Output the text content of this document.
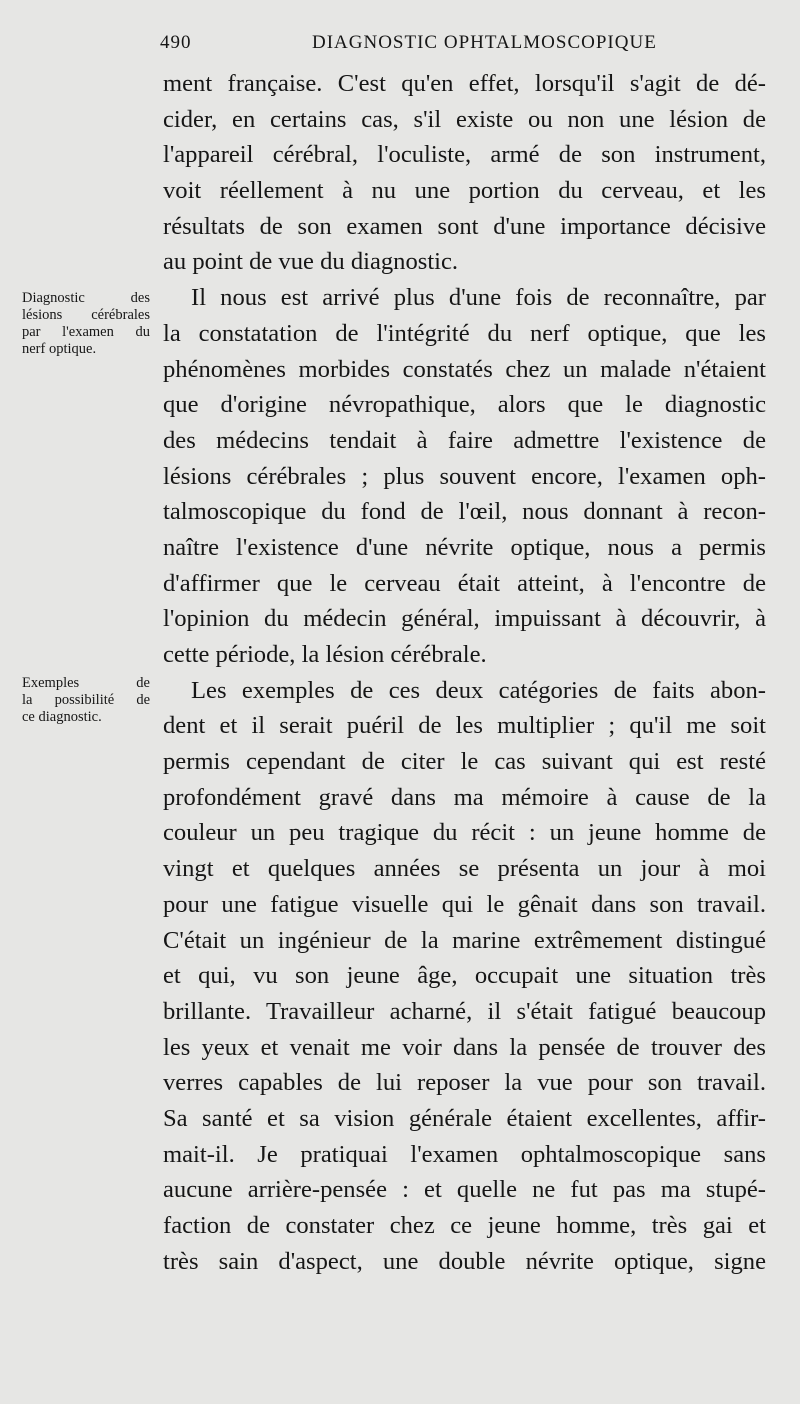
490	DIAGNOSTIC OPHTALMOSCOPIQUE
Diagnostic des
lésions cérébrales
par l'examen du
nerf optique.
Exemples de
la possibilité de
ce diagnostic.
ment française. C'est qu'en effet, lorsqu'il s'agit de dé-
cider, en certains cas, s'il existe ou non une lésion de
l'appareil cérébral, l'oculiste, armé de son instrument,
voit réellement à nu une portion du cerveau, et les
résultats de son examen sont d'une importance décisive
au point de vue du diagnostic.
Il nous est arrivé plus d'une fois de reconnaître, par
la constatation de l'intégrité du nerf optique, que les
phénomènes morbides constatés chez un malade n'étaient
que d'origine névropathique, alors que le diagnostic
des médecins tendait à faire admettre l'existence de
lésions cérébrales ; plus souvent encore, l'examen oph-
talmoscopique du fond de l'œil, nous donnant à recon-
naître l'existence d'une névrite optique, nous a permis
d'affirmer que le cerveau était atteint, à l'encontre de
l'opinion du médecin général, impuissant à découvrir, à
cette période, la lésion cérébrale.
Les exemples de ces deux catégories de faits abon-
dent et il serait puéril de les multiplier ; qu'il me soit
permis cependant de citer le cas suivant qui est resté
profondément gravé dans ma mémoire à cause de la
couleur un peu tragique du récit : un jeune homme de
vingt et quelques années se présenta un jour à moi
pour une fatigue visuelle qui le gênait dans son travail.
C'était un ingénieur de la marine extrêmement distingué
et qui, vu son jeune âge, occupait une situation très
brillante. Travailleur acharné, il s'était fatigué beaucoup
les yeux et venait me voir dans la pensée de trouver des
verres capables de lui reposer la vue pour son travail.
Sa santé et sa vision générale étaient excellentes, affir-
mait-il. Je pratiquai l'examen ophtalmoscopique sans
aucune arrière-pensée : et quelle ne fut pas ma stupé-
faction de constater chez ce jeune homme, très gai et
très sain d'aspect, une double névrite optique, signe
